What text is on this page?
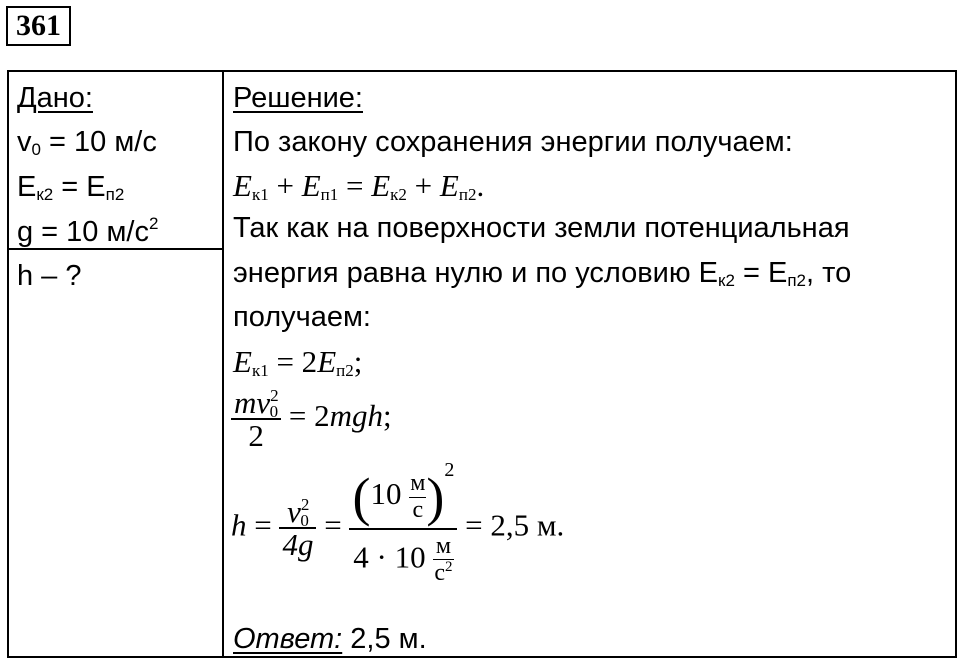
361
Дано:
$v_0 = 10$ м/с
$E_{к2} = E_{п2}$
g = 10 $м/с^2$
h – ?
Решение:
По закону сохранения энергии получаем:
$E_{к1} + E_{п1} = E_{к2} + E_{п2}$.
Так как на поверхности земли потенциальная
энергия равна нулю и по условию $E_{к2} = E_{п2}$, то
получаем:
$E_{к1} = 2E_{п2}$;
$\frac{mv^2_0}{2} = 2mgh$;
$h = \frac{v^2_0}{4g} = (10$ м
с )$^2$
4 · 10 м
$с^2 = 2,5$ м.
Ответ: 2,5 м.
